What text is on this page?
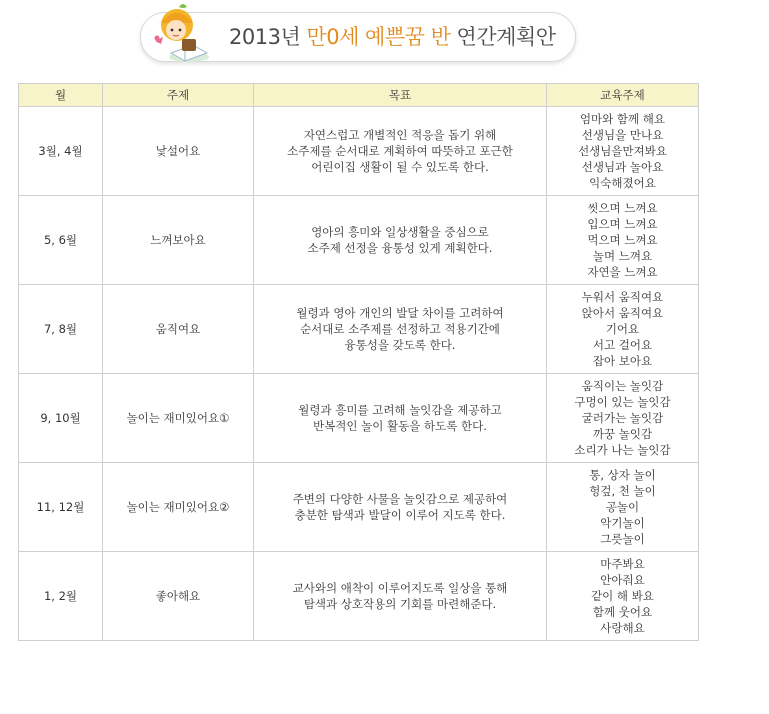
2013년 만0세 예쁜꿈 반 연간계획안
월	주제	목표	교육주제
3월, 4월	낯설어요	자연스럽고 개별적인 적응을 돕기 위해
소주제를 순서대로 계획하여 따뜻하고 포근한
어린이집 생활이 될 수 있도록 한다.	엄마와 함께 해요
선생님을 만나요
선생님을만져봐요
선생님과 놀아요
익숙해졌어요

5, 6월	느껴보아요	영아의 흥미와 일상생활을 중심으로
소주제 선정을 융통성 있게 계획한다.	씻으며 느껴요
입으며 느껴요
먹으며 느껴요
놀며 느껴요
자연을 느껴요

7, 8월	움직여요	월령과 영아 개인의 발달 차이를 고려하여
순서대로 소주제를 선정하고 적용기간에
융통성을 갖도록 한다.	누워서 움직여요
앉아서 움직여요
기어요
서고 걸어요
잡아 보아요

9, 10월	놀이는 재미있어요①	월령과 흥미를 고려해 놀잇감을 제공하고
반복적인 놀이 활동을 하도록 한다.	움직이는 놀잇감
구멍이 있는 놀잇감
굴러가는 놀잇감
까꿍 놀잇감
소리가 나는 놀잇감

11, 12월	놀이는 재미있어요②	주변의 다양한 사물을 놀잇감으로 제공하여
충분한 탐색과 발달이 이루어 지도록 한다.	통, 상자 놀이
헝겊, 천 놀이
공놀이
악기놀이
그릇놀이

1, 2월	좋아해요	교사와의 애착이 이루어지도록 일상을 통해
탐색과 상호작용의 기회를 마련해준다.	마주봐요
안아줘요
같이 해 봐요
함께 웃어요
사랑해요
